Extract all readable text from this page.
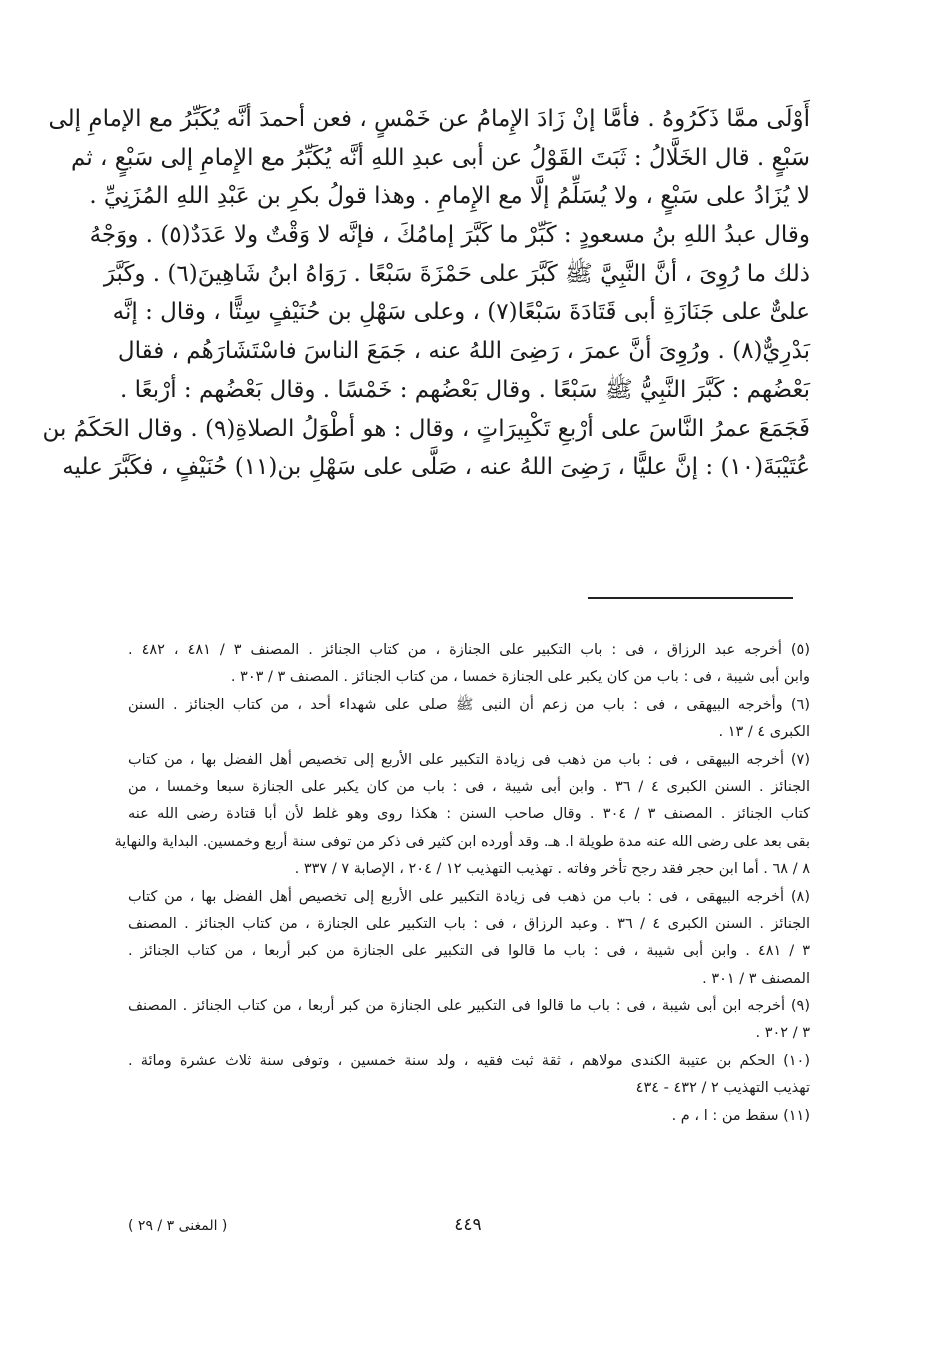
أَوْلَى ممَّا ذَكَرُوهُ . فأمَّا إنْ زَادَ الإِمامُ عن خَمْسٍ ، فعن أحمدَ أنَّه يُكَبِّرُ مع الإمامِ إلى
سَبْعٍ . قال الخَلَّالُ : ثَبَتَ القَوْلُ عن أبى عبدِ اللهِ أنَّه يُكَبِّرُ مع الإِمامِ إلى سَبْعٍ ، ثم
لا يُزَادُ على سَبْعٍ ، ولا يُسَلِّمُ إلَّا مع الإِمامِ . وهذا قولُ بكرِ بن عَبْدِ اللهِ المُزَنِيِّ .
وقال عبدُ اللهِ بنُ مسعودٍ : كَبِّرْ ما كَبَّرَ إمامُكَ ، فإنَّه لا وَقْتٌ ولا عَدَدٌ(٥) . ووَجْهُ
ذلك ما رُوِىَ ، أنَّ النَّبِيَّ ﷺ كَبَّرَ على حَمْزَةَ سَبْعًا . رَوَاهُ ابنُ شَاهِينَ(٦) . وكَبَّرَ
علىٌّ على جَنَازَةِ أبى قَتَادَةَ سَبْعًا(٧) ، وعلى سَهْلِ بن حُنَيْفٍ سِتًّا ، وقال : إنَّه
بَدْرِيٌّ(٨) . ورُوِىَ أنَّ عمرَ ، رَضِىَ اللهُ عنه ، جَمَعَ الناسَ فاسْتَشَارَهُم ، فقال
بَعْضُهم : كَبَّرَ النَّبِيُّ ﷺ سَبْعًا . وقال بَعْضُهم : خَمْسًا . وقال بَعْضُهم : أرْبعًا .
فَجَمَعَ عمرُ النَّاسَ على أرْبعِ تَكْبِيرَاتٍ ، وقال : هو أطْوَلُ الصلاةِ(٩) . وقال الحَكَمُ بن
عُتَيْبَةَ(١٠) : إنَّ عليًّا ، رَضِىَ اللهُ عنه ، صَلَّى على سَهْلِ بن(١١) حُنَيْفٍ ، فكَبَّرَ عليه
(٥) أخرجه عبد الرزاق ، فى : باب التكبير على الجنازة ، من كتاب الجنائز . المصنف ٣ / ٤٨١ ، ٤٨٢ .
وابن أبى شيبة ، فى : باب من كان يكبر على الجنازة خمسا ، من كتاب الجنائز . المصنف ٣ / ٣٠٣ .
(٦) وأخرجه البيهقى ، فى : باب من زعم أن النبى ﷺ صلى على شهداء أحد ، من كتاب الجنائز . السنن
الكبرى ٤ / ١٣ .
(٧) أخرجه البيهقى ، فى : باب من ذهب فى زيادة التكبير على الأربع إلى تخصيص أهل الفضل بها ، من كتاب
الجنائز . السنن الكبرى ٤ / ٣٦ . وابن أبى شيبة ، فى : باب من كان يكبر على الجنازة سبعا وخمسا ، من
كتاب الجنائز . المصنف ٣ / ٣٠٤ . وقال صاحب السنن : هكذا روى وهو غلط لأن أبا قتادة رضى الله عنه
بقى بعد على رضى الله عنه مدة طويلة ا. هـ. وقد أورده ابن كثير فى ذكر من توفى سنة أربع وخمسين. البداية والنهاية
٨ / ٦٨ . أما ابن حجر فقد رجح تأخر وفاته . تهذيب التهذيب ١٢ / ٢٠٤ ، الإصابة ٧ / ٣٣٧ .
(٨) أخرجه البيهقى ، فى : باب من ذهب فى زيادة التكبير على الأربع إلى تخصيص أهل الفضل بها ، من كتاب
الجنائز . السنن الكبرى ٤ / ٣٦ . وعبد الرزاق ، فى : باب التكبير على الجنازة ، من كتاب الجنائز . المصنف
٣ / ٤٨١ . وابن أبى شيبة ، فى : باب ما قالوا فى التكبير على الجنازة من كبر أربعا ، من كتاب الجنائز .
المصنف ٣ / ٣٠١ .
(٩) أخرجه ابن أبى شيبة ، فى : باب ما قالوا فى التكبير على الجنازة من كبر أربعا ، من كتاب الجنائز . المصنف
٣ / ٣٠٢ .
(١٠) الحكم بن عتيبة الكندى مولاهم ، ثقة ثبت فقيه ، ولد سنة خمسين ، وتوفى سنة ثلاث عشرة ومائة .
تهذيب التهذيب ٢ / ٤٣٢ - ٤٣٤
(١١) سقط من : ا ، م .
٤٤٩
( المغنى ٣ / ٢٩ )
